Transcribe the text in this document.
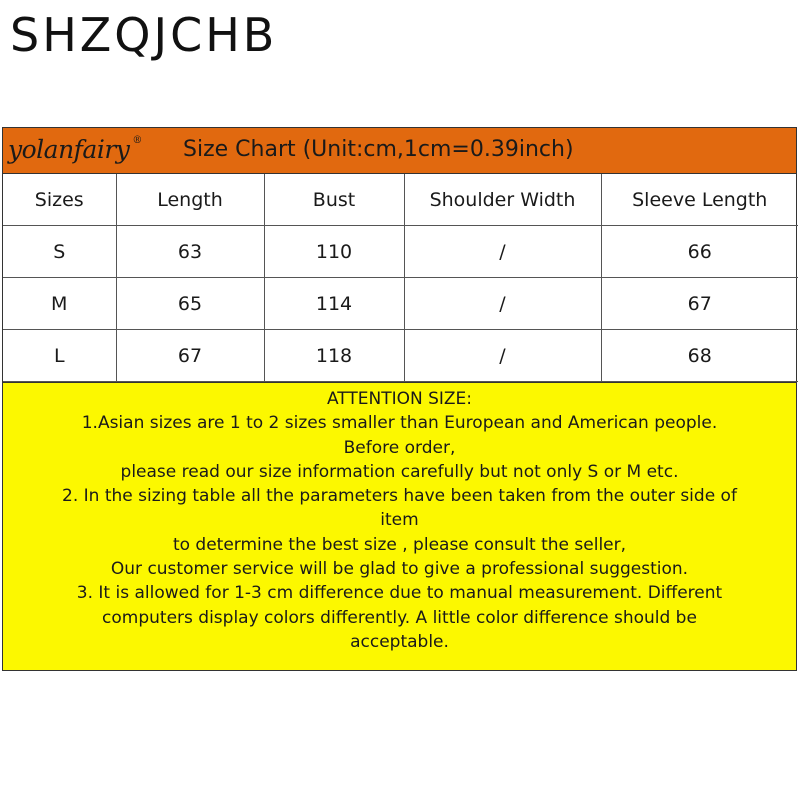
SHZQJCHB
yolanfairy ® Size Chart (Unit:cm,1cm=0.39inch)
Sizes	Length	Bust	Shoulder Width	Sleeve Length
S	63	110	/	66
M	65	114	/	67
L	67	118	/	68
ATTENTION SIZE:
1.Asian sizes are 1 to 2 sizes smaller than European and American people.
Before order,
please read our size information carefully but not only S or M etc.
2. In the sizing table all the parameters have been taken from the outer side of
item
to determine the best size , please consult the seller,
Our customer service will be glad to give a professional suggestion.
3. It is allowed for 1-3 cm difference due to manual measurement. Different
computers display colors differently. A little color difference should be
acceptable.
